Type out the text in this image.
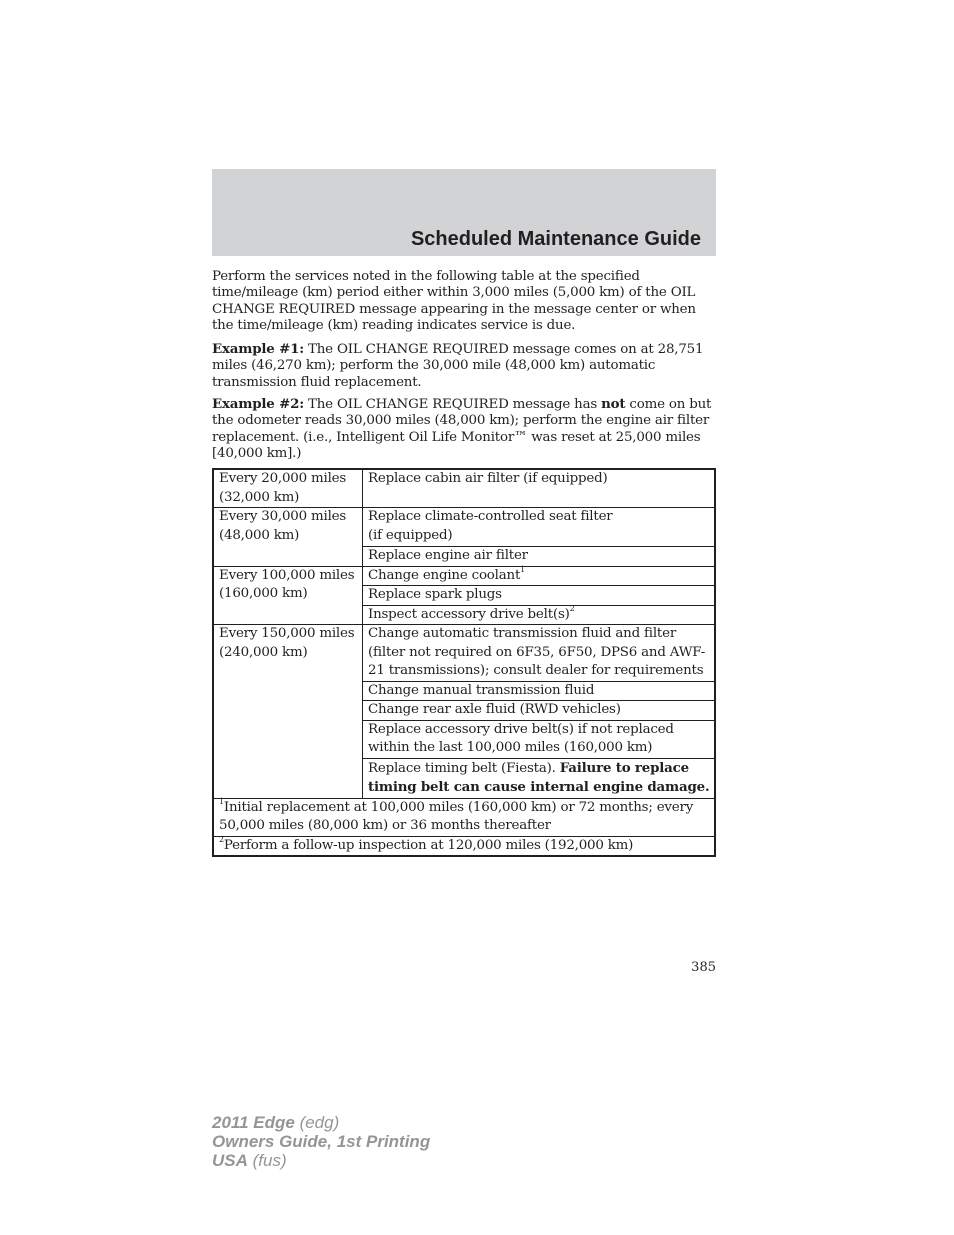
Scheduled Maintenance Guide

Perform the services noted in the following table at the specified time/mileage (km) period either within 3,000 miles (5,000 km) of the OIL CHANGE REQUIRED message appearing in the message center or when the time/mileage (km) reading indicates service is due.

Example #1: The OIL CHANGE REQUIRED message comes on at 28,751 miles (46,270 km); perform the 30,000 mile (48,000 km) automatic transmission fluid replacement.

Example #2: The OIL CHANGE REQUIRED message has not come on but the odometer reads 30,000 miles (48,000 km); perform the engine air filter replacement. (i.e., Intelligent Oil Life Monitor™ was reset at 25,000 miles [40,000 km].)

Every 20,000 miles (32,000 km)	Replace cabin air filter (if equipped)
Every 30,000 miles (48,000 km)	Replace climate-controlled seat filter
(if equipped)
	Replace engine air filter
Every 100,000 miles (160,000 km)	Change engine coolant$^1$
	Replace spark plugs
	Inspect accessory drive $belt(s)^2$
Every 150,000 miles (240,000 km)	Change automatic transmission fluid and filter (filter not required on 6F35, 6F50, DPS6 and AWF-21 transmissions); consult dealer for requirements
	Change manual transmission fluid
	Change rear axle fluid (RWD vehicles)
	Replace accessory drive belt(s) if not replaced within the last 100,000 miles (160,000 km)
	Replace timing belt (Fiesta). Failure to replace timing belt can cause internal engine damage.
$^1$Initial replacement at 100,000 miles (160,000 km) or 72 months; every 50,000 miles (80,000 km) or 36 months thereafter	
$^2$Perform a follow-up inspection at 120,000 miles (192,000 km)	
385
2011 Edge (edg)
Owners Guide, 1st Printing
USA (fus)
